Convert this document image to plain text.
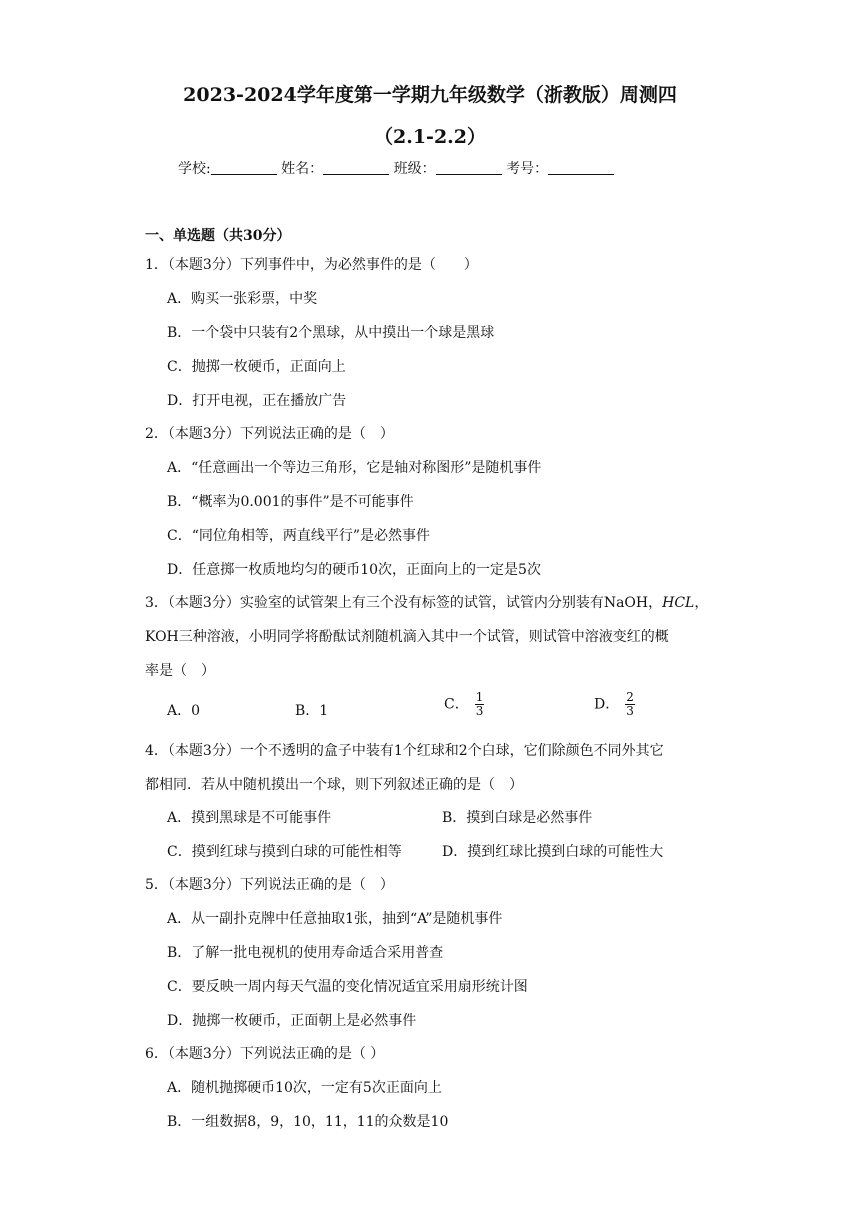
2023-2024学年度第一学期九年级数学（浙教版）周测四
（2.1-2.2）
学校:	姓名：	班级：	考号：
一、单选题（共30分）
1．（本题3分）下列事件中，为必然事件的是（　　）
A．购买一张彩票，中奖
B．一个袋中只装有2个黑球，从中摸出一个球是黑球
C．抛掷一枚硬币，正面向上
D．打开电视，正在播放广告
2．（本题3分）下列说法正确的是（　）
A．“任意画出一个等边三角形，它是轴对称图形”是随机事件
B．“概率为0.001的事件”是不可能事件
C．“同位角相等，两直线平行”是必然事件
D．任意掷一枚质地均匀的硬币10次，正面向上的一定是5次
3．（本题3分）实验室的试管架上有三个没有标签的试管，试管内分别装有NaOH，HCL，
KOH三种溶液，小明同学将酚酞试剂随机滴入其中一个试管，则试管中溶液变红的概
率是（　）
A．0	B．1	C． $\frac{1}{3}$	D． $\frac{2}{3}$
4．（本题3分）一个不透明的盒子中装有1个红球和2个白球，它们除颜色不同外其它
都相同．若从中随机摸出一个球，则下列叙述正确的是（　）
A．摸到黑球是不可能事件	B．摸到白球是必然事件
C．摸到红球与摸到白球的可能性相等	D．摸到红球比摸到白球的可能性大
5．（本题3分）下列说法正确的是（　）
A．从一副扑克牌中任意抽取1张，抽到“A”是随机事件
B．了解一批电视机的使用寿命适合采用普查
C．要反映一周内每天气温的变化情况适宜采用扇形统计图
D．抛掷一枚硬币，正面朝上是必然事件
6．（本题3分）下列说法正确的是（ ）
A．随机抛掷硬币10次，一定有5次正面向上
B．一组数据8，9，10，11，11的众数是10
